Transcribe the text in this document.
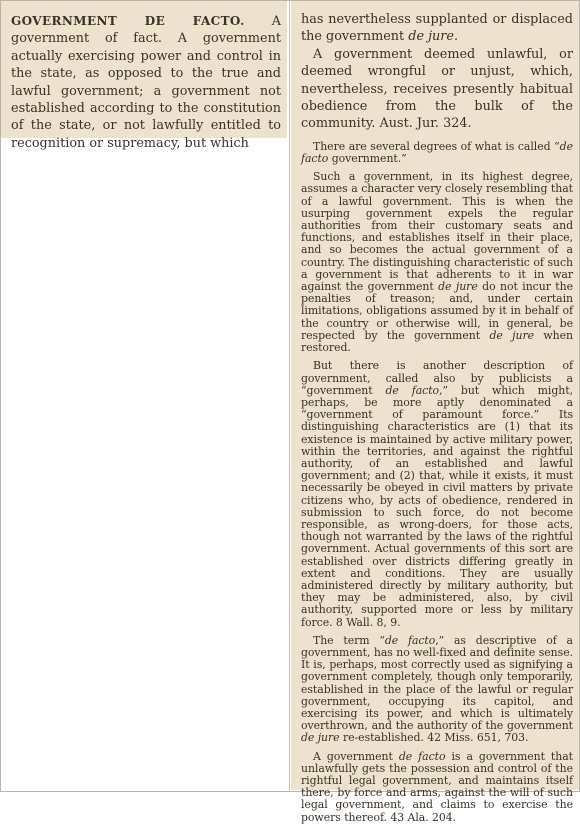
GOVERNMENT DE FACTO. A government of fact. A government actually exercising power and control in the state, as opposed to the true and lawful government; a government not established according to the constitution of the state, or not lawfully entitled to recognition or supremacy, but which

has nevertheless supplanted or displaced the government de jure.

A government deemed unlawful, or deemed wrongful or unjust, which, nevertheless, receives presently habitual obedience from the bulk of the community. Aust. Jur. 324.

There are several degrees of what is called “de facto government.”

Such a government, in its highest degree, assumes a character very closely resembling that of a lawful government. This is when the usurping government expels the regular authorities from their customary seats and functions, and establishes itself in their place, and so becomes the actual government of a country. The distinguishing characteristic of such a government is that adherents to it in war against the government de jure do not incur the penalties of treason; and, under certain limitations, obligations assumed by it in behalf of the country or otherwise will, in general, be respected by the government de jure when restored.

But there is another description of government, called also by publicists a “government de facto,” but which might, perhaps, be more aptly denominated a “government of paramount force.” Its distinguishing characteristics are (1) that its existence is maintained by active military power, within the territories, and against the rightful authority, of an established and lawful government; and (2) that, while it exists, it must necessarily be obeyed in civil matters by private citizens who, by acts of obedience, rendered in submission to such force, do not become responsible, as wrong-doers, for those acts, though not warranted by the laws of the rightful government. Actual governments of this sort are established over districts differing greatly in extent and conditions. They are usually administered directly by military authority, but they may be administered, also, by civil authority, supported more or less by military force. 8 Wall. 8, 9.

The term “de facto,” as descriptive of a government, has no well-fixed and definite sense. It is, perhaps, most correctly used as signifying a government completely, though only temporarily, established in the place of the lawful or regular government, occupying its capitol, and exercising its power, and which is ultimately overthrown, and the authority of the government de jure re-established. 42 Miss. 651, 703.

A government de facto is a government that unlawfully gets the possession and control of the rightful legal government, and maintains itself there, by force and arms, against the will of such legal government, and claims to exercise the powers thereof. 43 Ala. 204.
